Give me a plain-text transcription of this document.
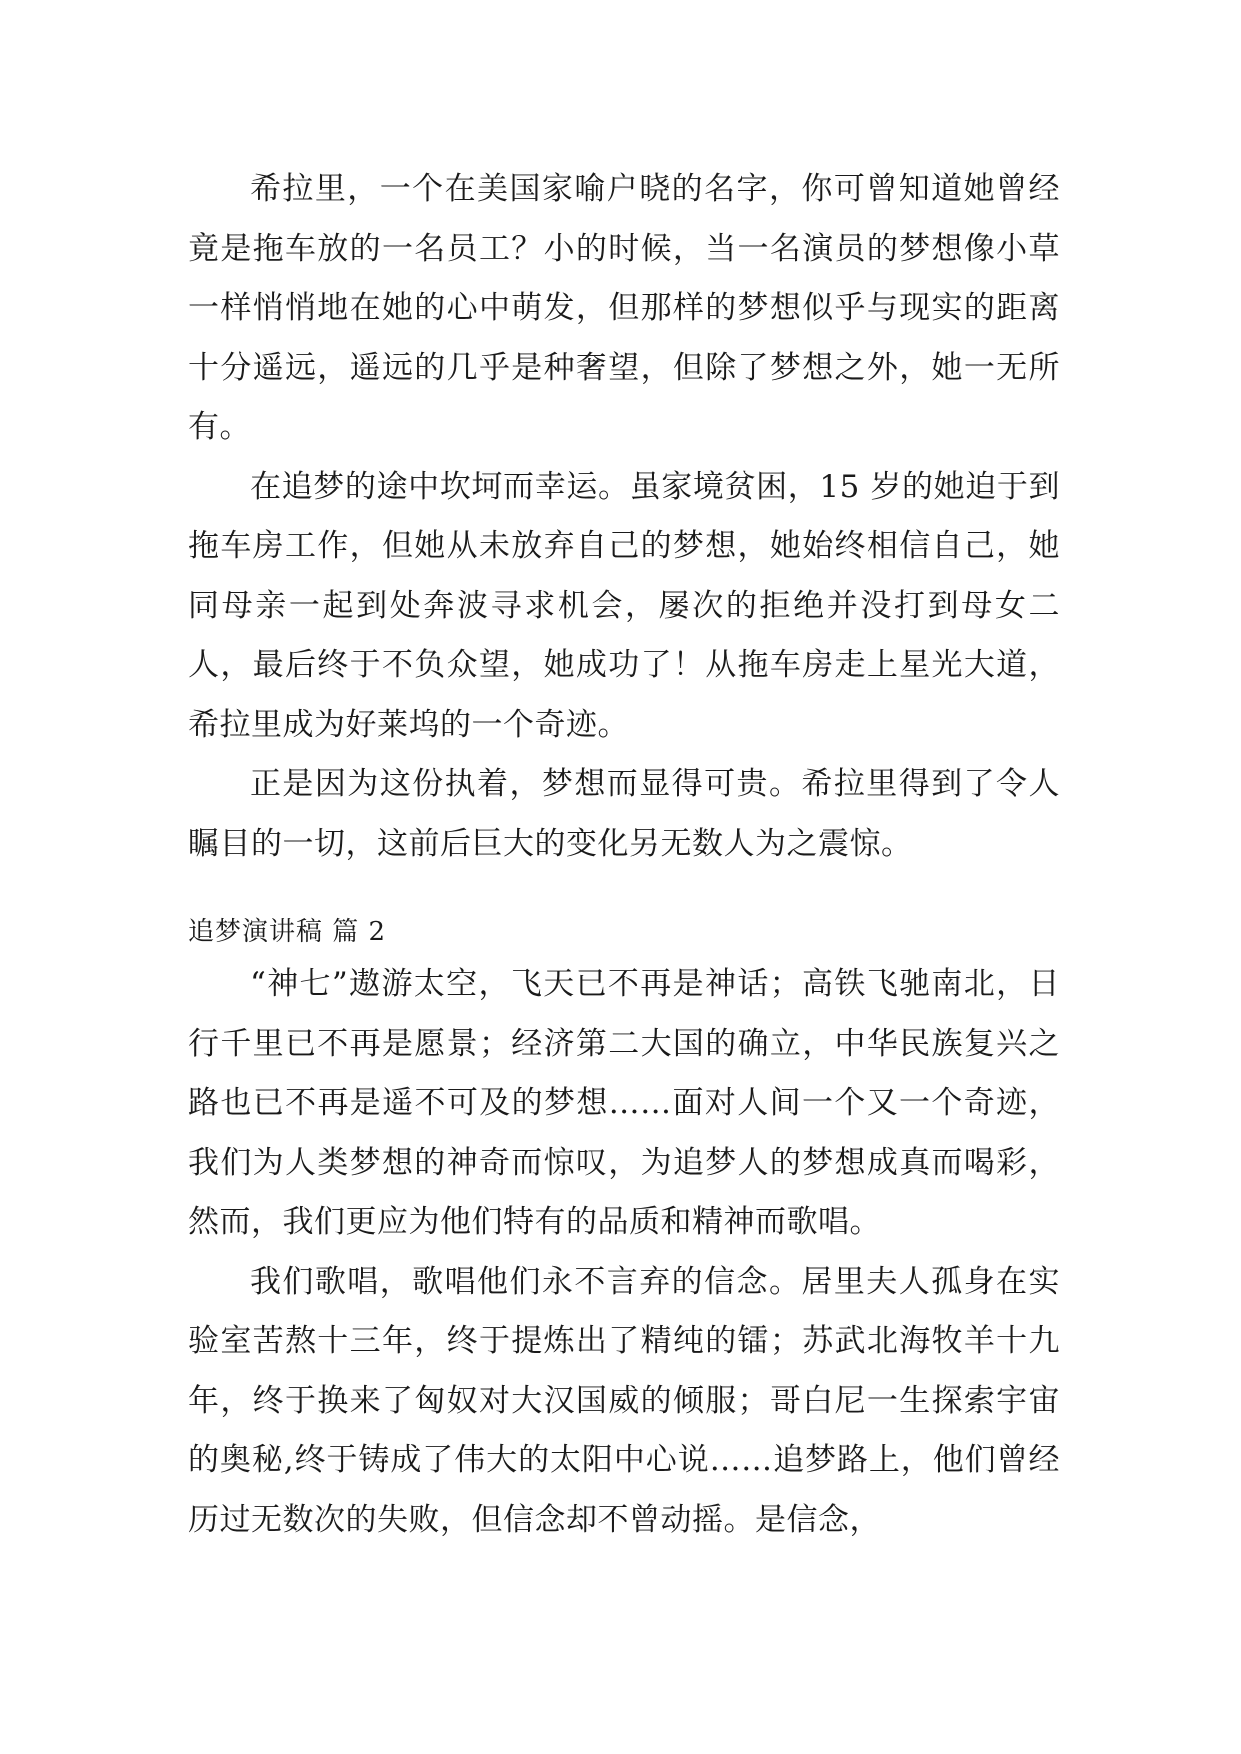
希拉里，一个在美国家喻户晓的名字，你可曾知道她曾经竟是拖车放的一名员工？小的时候，当一名演员的梦想像小草一样悄悄地在她的心中萌发，但那样的梦想似乎与现实的距离十分遥远，遥远的几乎是种奢望，但除了梦想之外，她一无所有。

在追梦的途中坎坷而幸运。虽家境贫困，15 岁的她迫于到拖车房工作，但她从未放弃自己的梦想，她始终相信自己，她同母亲一起到处奔波寻求机会，屡次的拒绝并没打到母女二人，最后终于不负众望，她成功了！从拖车房走上星光大道，希拉里成为好莱坞的一个奇迹。

正是因为这份执着，梦想而显得可贵。希拉里得到了令人瞩目的一切，这前后巨大的变化另无数人为之震惊。

追梦演讲稿 篇 2

“神七”遨游太空，飞天已不再是神话；高铁飞驰南北，日行千里已不再是愿景；经济第二大国的确立，中华民族复兴之路也已不再是遥不可及的梦想……面对人间一个又一个奇迹，我们为人类梦想的神奇而惊叹，为追梦人的梦想成真而喝彩，然而，我们更应为他们特有的品质和精神而歌唱。

我们歌唱，歌唱他们永不言弃的信念。居里夫人孤身在实验室苦熬十三年，终于提炼出了精纯的镭；苏武北海牧羊十九年，终于换来了匈奴对大汉国威的倾服；哥白尼一生探索宇宙的奥秘,终于铸成了伟大的太阳中心说……追梦路上，他们曾经历过无数次的失败，但信念却不曾动摇。是信念，
